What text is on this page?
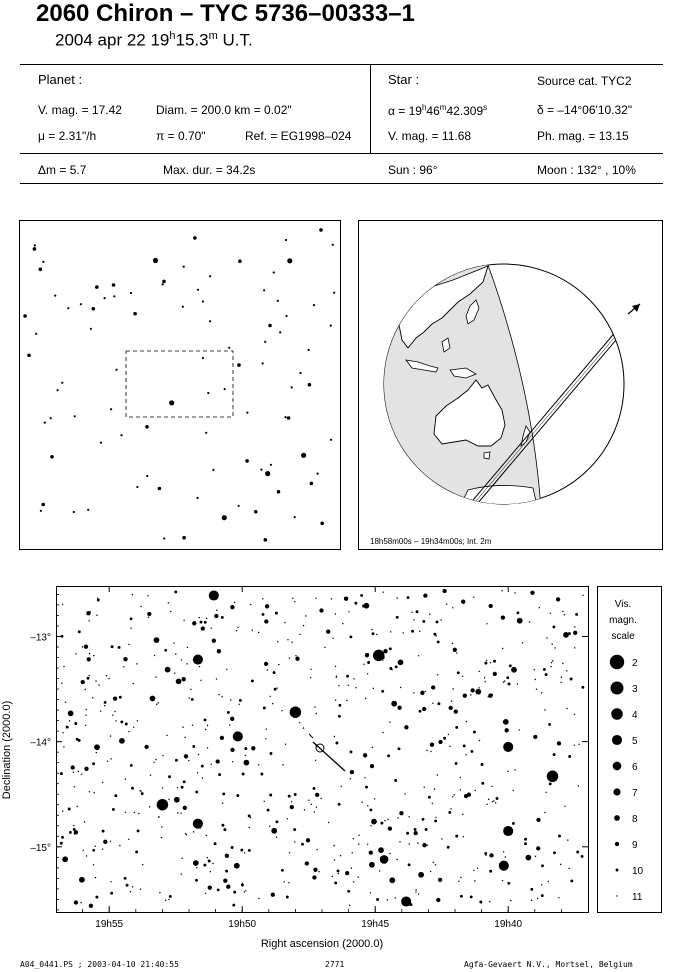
2060 Chiron – TYC 5736–00333–1
2004 apr 22 19$^h$15.3$^m$ U.T.
Planet :
V. mag. = 17.42	Diam. = 200.0 km = 0.02"
μ = 2.31"/h	π = 0.70"	Ref. = EG1998–024
Star :	Source cat. TYC2
$\alpha = 19^h46^m42.309^s$	δ = –14°06'10.32"
V. mag. = 11.68	Ph. mag. = 13.15
Δm = 5.7	Max. dur. = 34.2s	Sun : 96°	Moon : 132° , 10%
18h58m00s – 19h34m00s; Int. 2m
19h55	19h50	19h45	19h40
–13°
–14°
–15°
Right ascension (2000.0)
Declination (2000.0)
Vis.
magn.
scale
2
3
4
5
6
7
8
9
10
11
A04_0441.PS ; 2003-04-10 21:40:55	2771	Agfa-Gevaert N.V., Mortsel, Belgium
